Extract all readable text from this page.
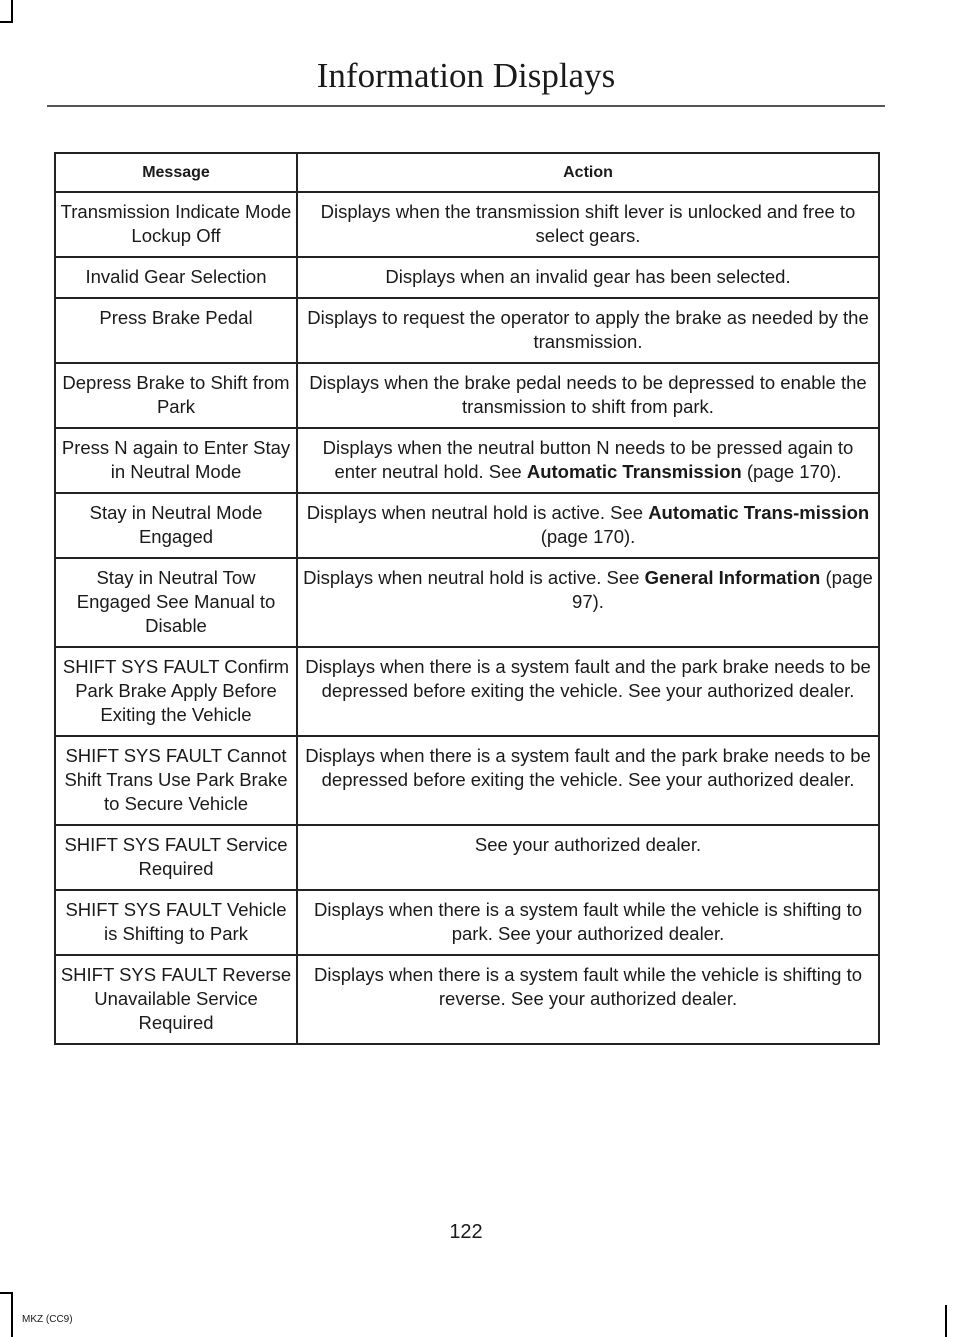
Information Displays
Message	Action
Transmission Indicate Mode Lockup Off	Displays when the transmission shift lever is unlocked and free to select gears.
Invalid Gear Selection	Displays when an invalid gear has been selected.
Press Brake Pedal	Displays to request the operator to apply the brake as needed by the transmission.
Depress Brake to Shift from Park	Displays when the brake pedal needs to be depressed to enable the transmission to shift from park.
Press N again to Enter Stay in Neutral Mode	Displays when the neutral button N needs to be pressed again to enter neutral hold. See Automatic Transmission (page 170).
Stay in Neutral Mode Engaged	Displays when neutral hold is active. See Automatic Trans-mission (page 170).
Stay in Neutral Tow Engaged See Manual to Disable	Displays when neutral hold is active. See General Information (page 97).
SHIFT SYS FAULT Confirm Park Brake Apply Before Exiting the Vehicle	Displays when there is a system fault and the park brake needs to be depressed before exiting the vehicle. See your authorized dealer.
SHIFT SYS FAULT Cannot Shift Trans Use Park Brake to Secure Vehicle	Displays when there is a system fault and the park brake needs to be depressed before exiting the vehicle. See your authorized dealer.
SHIFT SYS FAULT Service Required	See your authorized dealer.
SHIFT SYS FAULT Vehicle is Shifting to Park	Displays when there is a system fault while the vehicle is shifting to park. See your authorized dealer.
SHIFT SYS FAULT Reverse Unavailable Service Required	Displays when there is a system fault while the vehicle is shifting to reverse. See your authorized dealer.
122
MKZ (CC9)
